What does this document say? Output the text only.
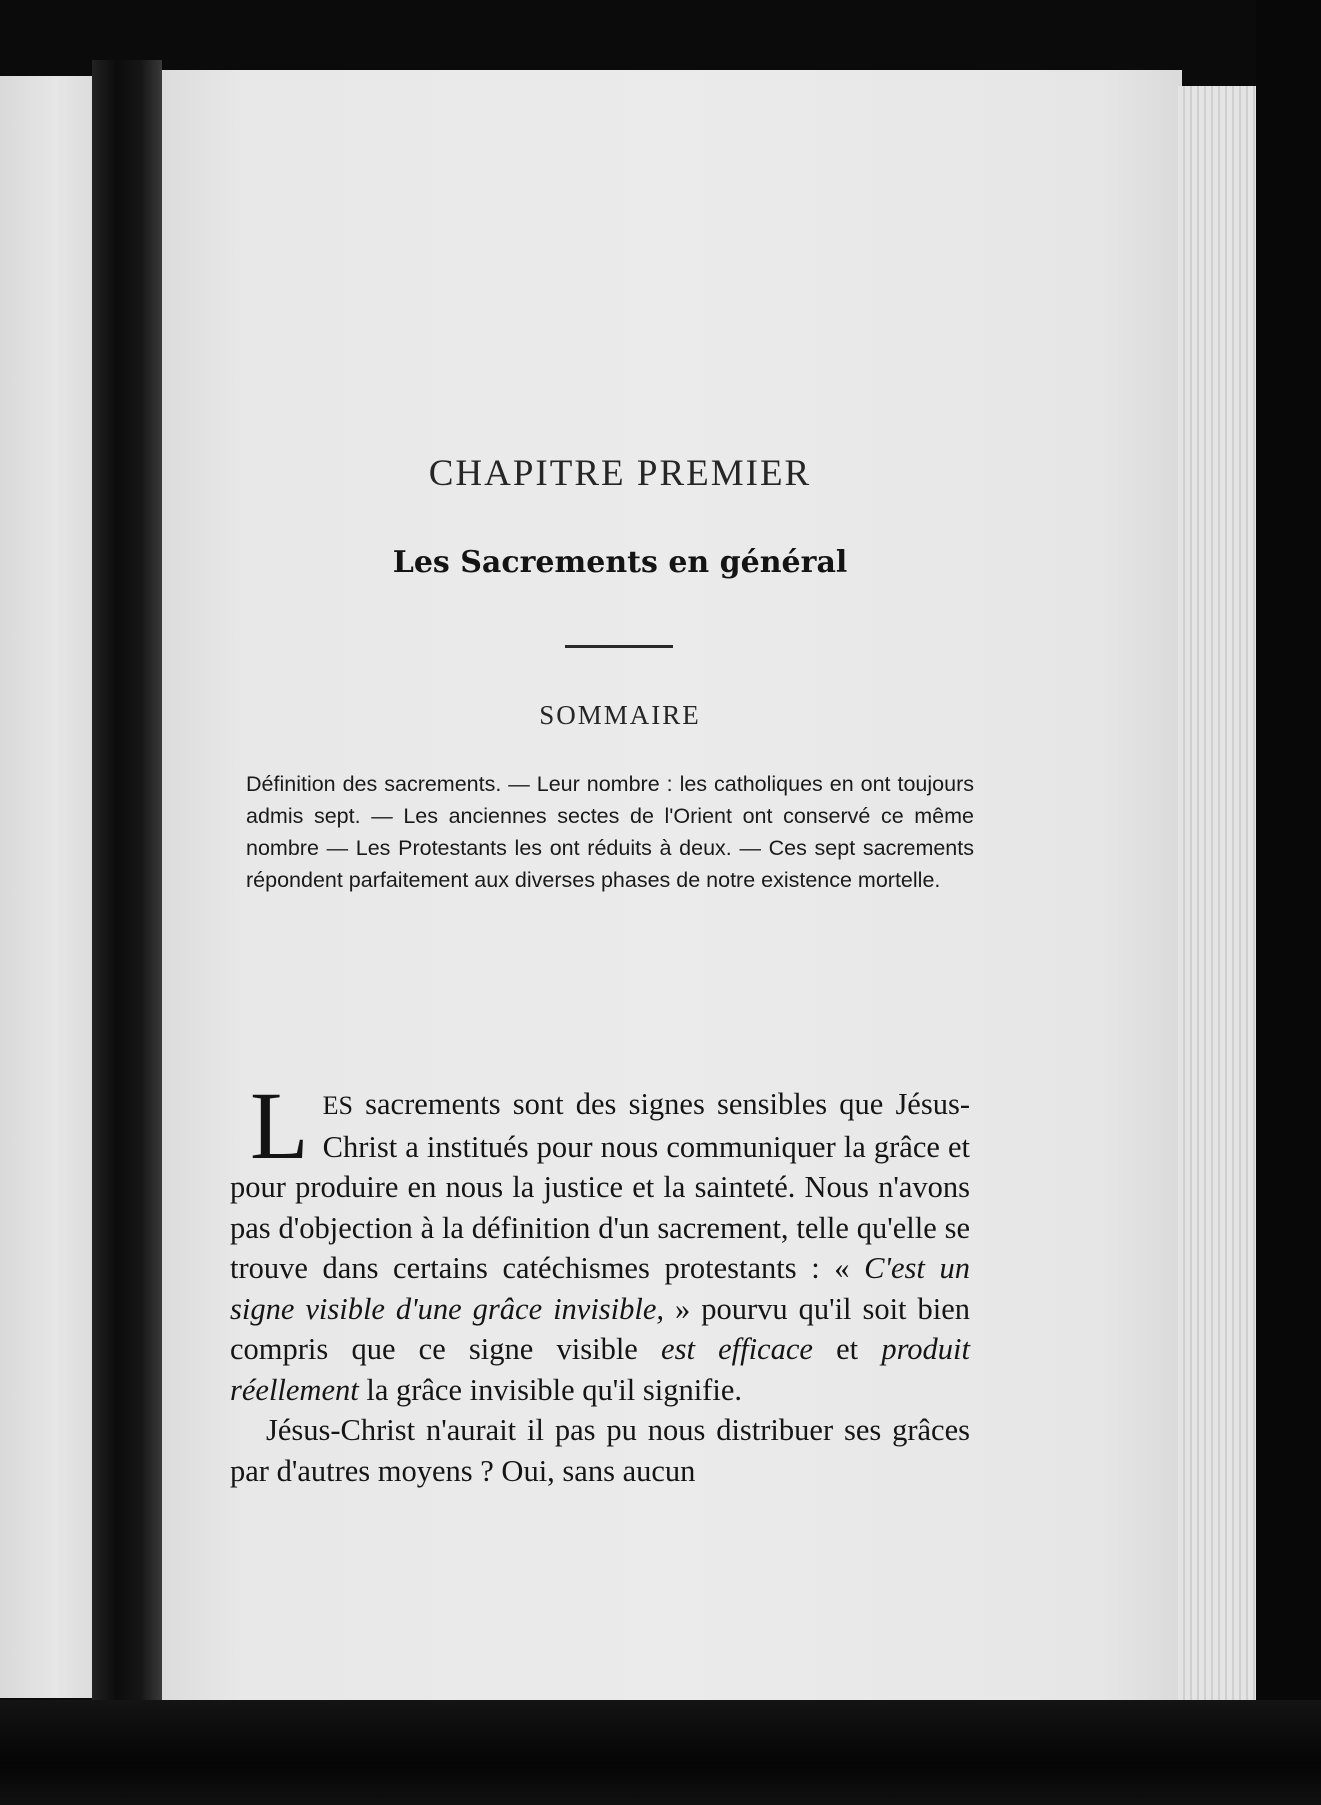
CHAPITRE PREMIER
Les Sacrements en général
SOMMAIRE

Définition des sacrements. — Leur nombre : les catholiques en ont toujours admis sept. — Les anciennes sectes de l'Orient ont conservé ce même nombre — Les Protestants les ont réduits à deux. — Ces sept sacrements répondent parfaitement aux diverses phases de notre existence mortelle.

LES sacrements sont des signes sensibles que Jésus-Christ a institués pour nous communiquer la grâce et pour produire en nous la justice et la sainteté. Nous n'avons pas d'objection à la définition d'un sacrement, telle qu'elle se trouve dans certains catéchismes protestants : « C'est un signe visible d'une grâce invisible, » pourvu qu'il soit bien compris que ce signe visible est efficace et produit réellement la grâce invisible qu'il signifie.

Jésus-Christ n'aurait il pas pu nous distribuer ses grâces par d'autres moyens ? Oui, sans aucun
